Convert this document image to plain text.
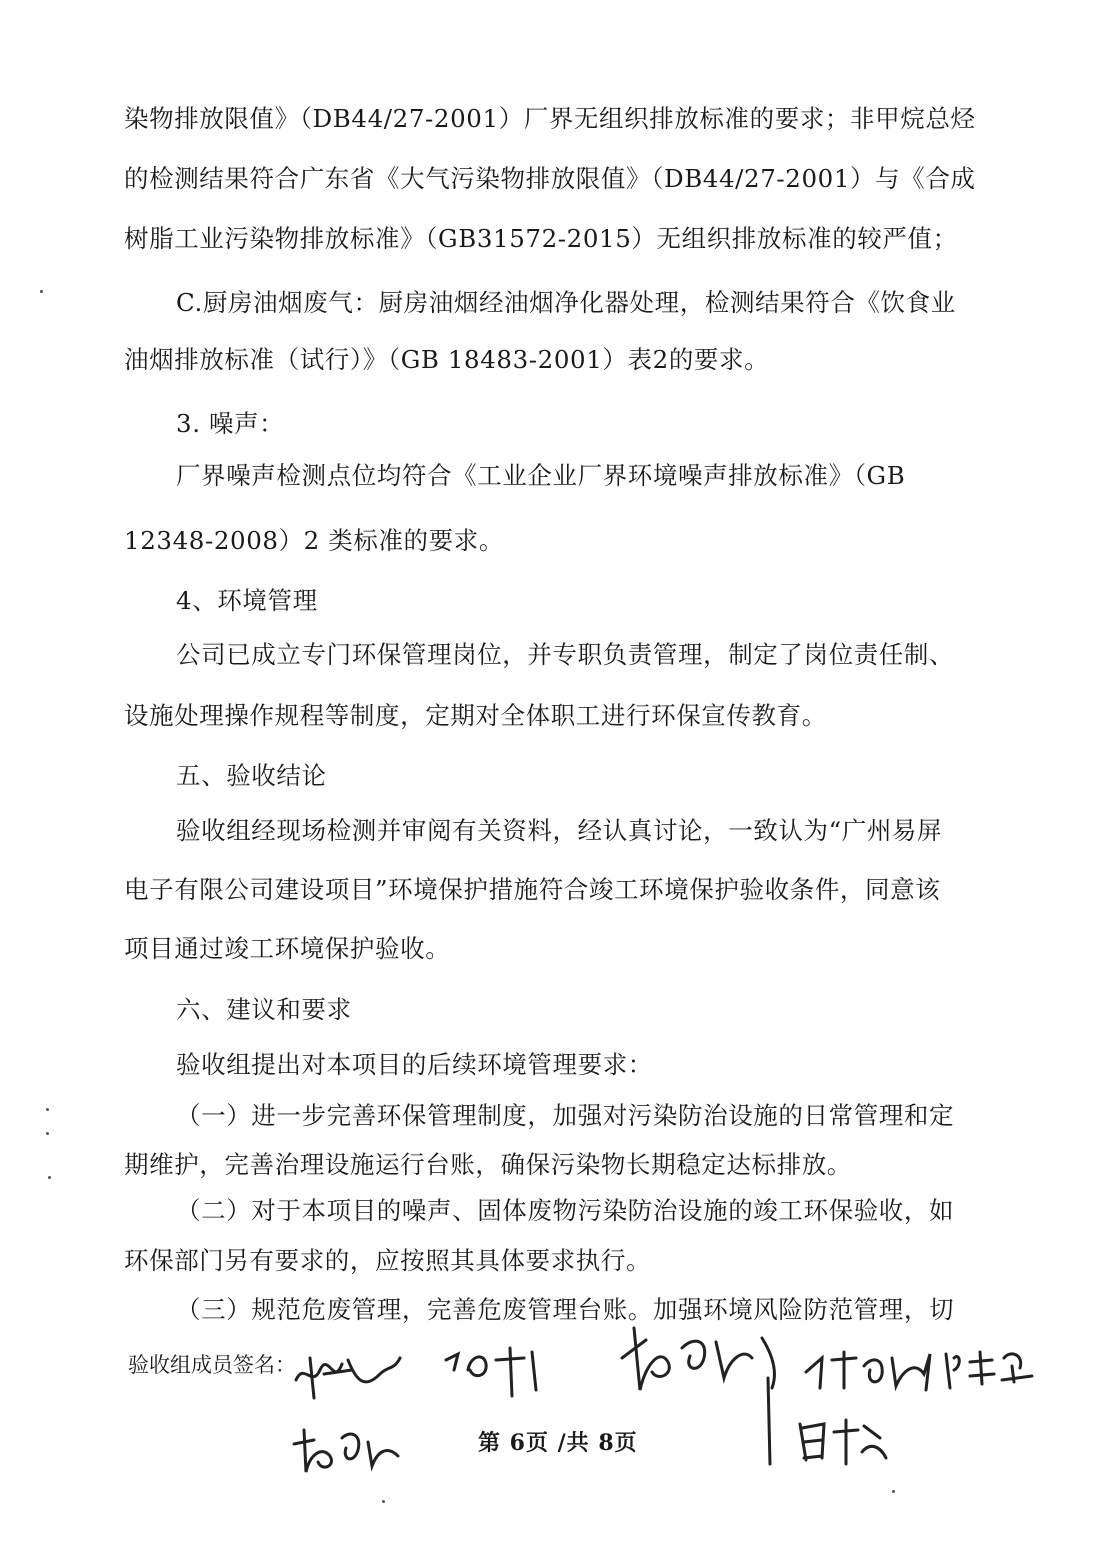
染物排放限值》（DB44/27-2001）厂界无组织排放标准的要求；非甲烷总烃
的检测结果符合广东省《大气污染物排放限值》（DB44/27-2001）与《合成
树脂工业污染物排放标准》（GB31572-2015）无组织排放标准的较严值；
C.厨房油烟废气：厨房油烟经油烟净化器处理，检测结果符合《饮食业
油烟排放标准（试行）》（GB 18483-2001）表2的要求。
3. 噪声：
厂界噪声检测点位均符合《工业企业厂界环境噪声排放标准》（GB
12348-2008）2 类标准的要求。
4、环境管理
公司已成立专门环保管理岗位，并专职负责管理，制定了岗位责任制、
设施处理操作规程等制度，定期对全体职工进行环保宣传教育。
五、验收结论
验收组经现场检测并审阅有关资料，经认真讨论，一致认为“广州易屏
电子有限公司建设项目”环境保护措施符合竣工环境保护验收条件，同意该
项目通过竣工环境保护验收。
六、建议和要求
验收组提出对本项目的后续环境管理要求：
（一）进一步完善环保管理制度，加强对污染防治设施的日常管理和定
期维护，完善治理设施运行台账，确保污染物长期稳定达标排放。
（二）对于本项目的噪声、固体废物污染防治设施的竣工环保验收，如
环保部门另有要求的，应按照其具体要求执行。
（三）规范危废管理，完善危废管理台账。加强环境风险防范管理，切
验收组成员签名：
第 6页 /共 8页
